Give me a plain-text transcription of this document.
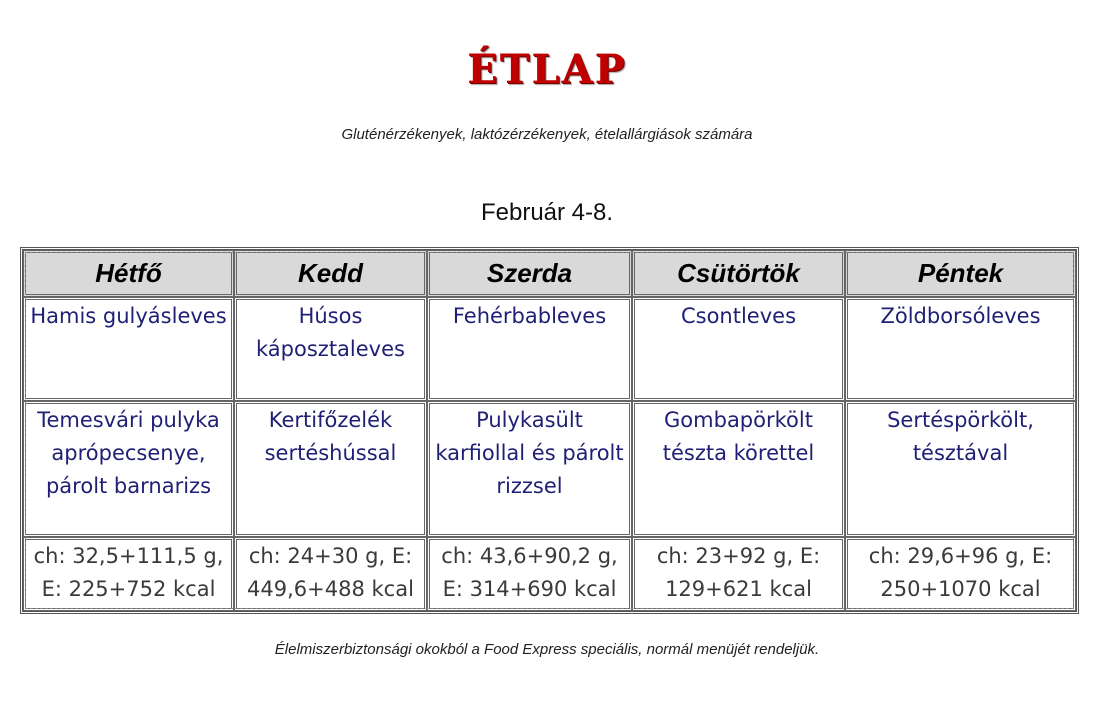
ÉTLAP
Gluténérzékenyek, laktózérzékenyek, ételallárgiások számára
Február 4-8.
Hétfő	Kedd	Szerda	Csütörtök	Péntek
Hamis gulyásleves	Húsos káposztaleves	Fehérbableves	Csontleves	Zöldborsóleves
Temesvári pulyka aprópecsenye, párolt barnarizs	Kertifőzelék sertéshússal	Pulykasült karfiollal és párolt rizzsel	Gombapörkölt tészta körettel	Sertéspörkölt, tésztával
ch: 32,5+111,5 g, E: 225+752 kcal	ch: 24+30 g, E: 449,6+488 kcal	ch: 43,6+90,2 g, E: 314+690 kcal	ch: 23+92 g, E: 129+621 kcal	ch: 29,6+96 g, E: 250+1070 kcal
Élelmiszerbiztonsági okokból a Food Express speciális, normál menüjét rendeljük.
